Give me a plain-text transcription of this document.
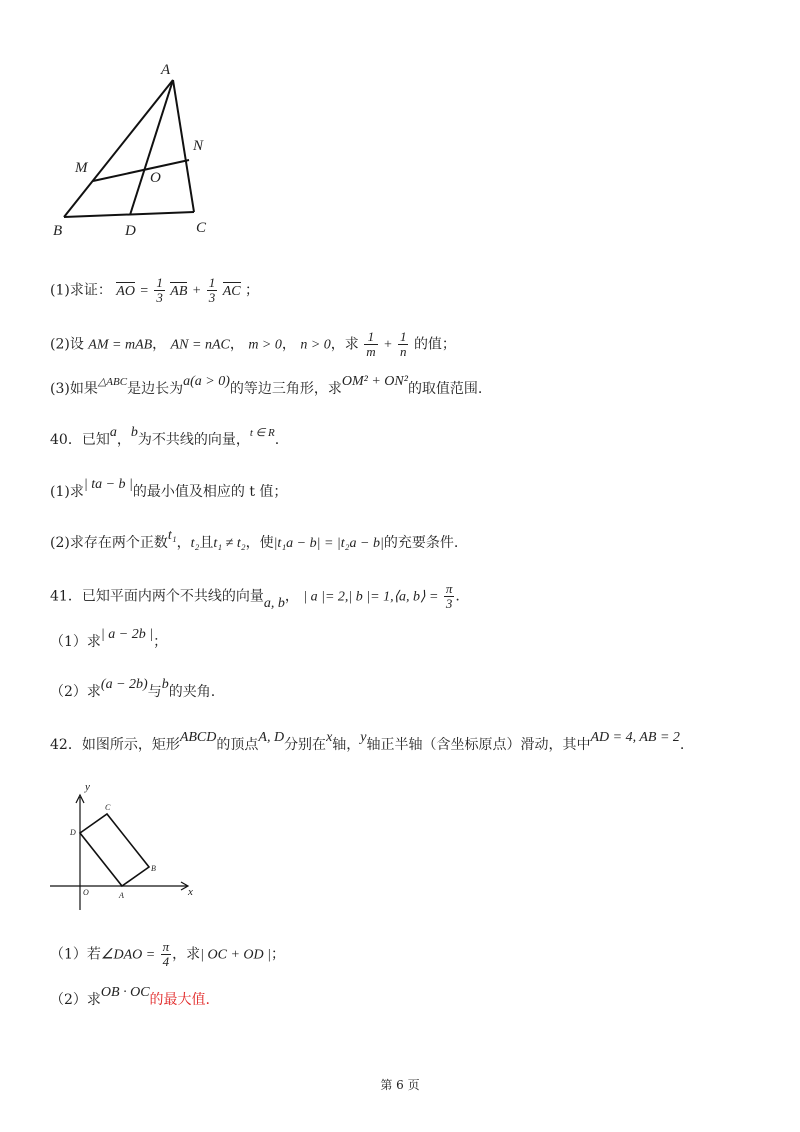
A
M
N
O
B	D	C
(1)求证： AO = $\frac{1}{3}$ AB + $\frac{1}{3}$ AC ；
(2)设 AM = mAB， AN = nAC， m > 0， n > 0，求 $\frac{1}{m} + \frac{1}{n}$ 的值；
(3)如果$^{\triangle ABC}$是边长为a(a > 0)的等边三角形，求OM² + ON²的取值范围.
40．已知a，b为不共线的向量，$^{t \in R}$.
(1)求| ta − b |的最小值及相应的 t 值；
(2)求存在两个正数t₁，t₂且t₁ ≠ t₂，使|t₁a − b| = |t₂a − b|的充要条件.
41．已知平面内两个不共线的向量a, b， | a |= 2,| b |= 1,⟨a, b⟩ = $\frac{\pi}{3}$ .
（1）求| a − 2b |；
（2）求(a − 2b)与b的夹角.
42．如图所示，矩形ABCD的顶点A, D分别在x轴，y轴正半轴（含坐标原点）滑动，其中AD = 4, AB = 2.
y
x
O	A
B
C
D
（1）若∠DAO = $\frac{\pi}{4}$ ，求| OC + OD |；
（2）求OB · OC的最大值.
第 6 页
